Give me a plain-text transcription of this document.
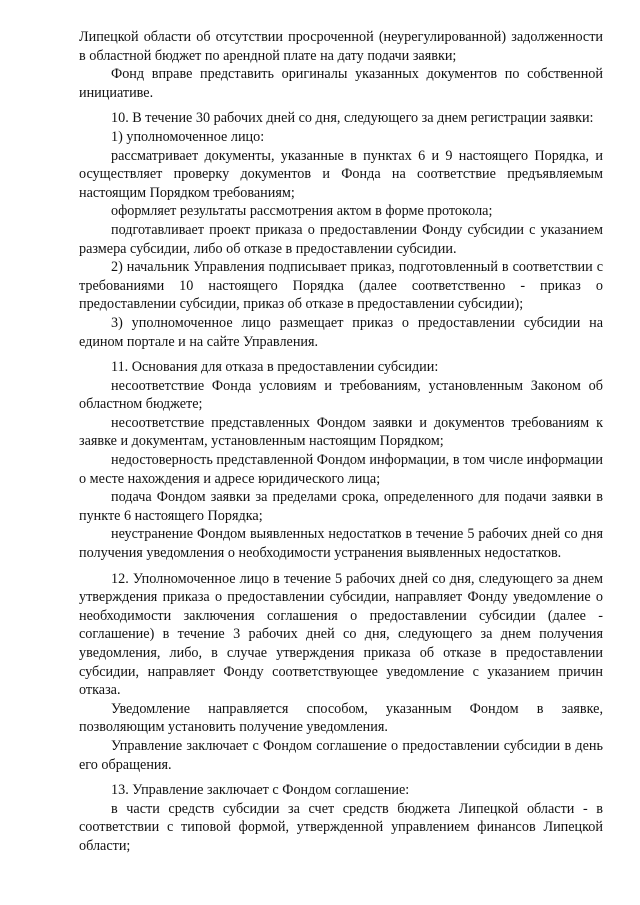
Липецкой области об отсутствии просроченной (неурегулированной) задолженности в областной бюджет по арендной плате на дату подачи заявки;

Фонд вправе представить оригиналы указанных документов по собственной инициативе.

10. В течение 30 рабочих дней со дня, следующего за днем регистрации заявки:

1) уполномоченное лицо:

рассматривает документы, указанные в пунктах 6 и 9 настоящего Порядка, и осуществляет проверку документов и Фонда на соответствие предъявляемым настоящим Порядком требованиям;

оформляет результаты рассмотрения актом в форме протокола;

подготавливает проект приказа о предоставлении Фонду субсидии с указанием размера субсидии, либо об отказе в предоставлении субсидии.

2) начальник Управления подписывает приказ, подготовленный в соответствии с требованиями 10 настоящего Порядка (далее соответственно - приказ о предоставлении субсидии, приказ об отказе в предоставлении субсидии);

3) уполномоченное лицо размещает приказ о предоставлении субсидии на едином портале и на сайте Управления.

11. Основания для отказа в предоставлении субсидии:

несоответствие Фонда условиям и требованиям, установленным Законом об областном бюджете;

несоответствие представленных Фондом заявки и документов требованиям к заявке и документам, установленным настоящим Порядком;

недостоверность представленной Фондом информации, в том числе информации о месте нахождения и адресе юридического лица;

подача Фондом заявки за пределами срока, определенного для подачи заявки в пункте 6 настоящего Порядка;

неустранение Фондом выявленных недостатков в течение 5 рабочих дней со дня получения уведомления о необходимости устранения выявленных недостатков.

12. Уполномоченное лицо в течение 5 рабочих дней со дня, следующего за днем утверждения приказа о предоставлении субсидии, направляет Фонду уведомление о необходимости заключения соглашения о предоставлении субсидии (далее - соглашение) в течение 3 рабочих дней со дня, следующего за днем получения уведомления, либо, в случае утверждения приказа об отказе в предоставлении субсидии, направляет Фонду соответствующее уведомление с указанием причин отказа.

Уведомление направляется способом, указанным Фондом в заявке, позволяющим установить получение уведомления.

Управление заключает с Фондом соглашение о предоставлении субсидии в день его обращения.

13. Управление заключает с Фондом соглашение:

в части средств субсидии за счет средств бюджета Липецкой области - в соответствии с типовой формой, утвержденной управлением финансов Липецкой области;
